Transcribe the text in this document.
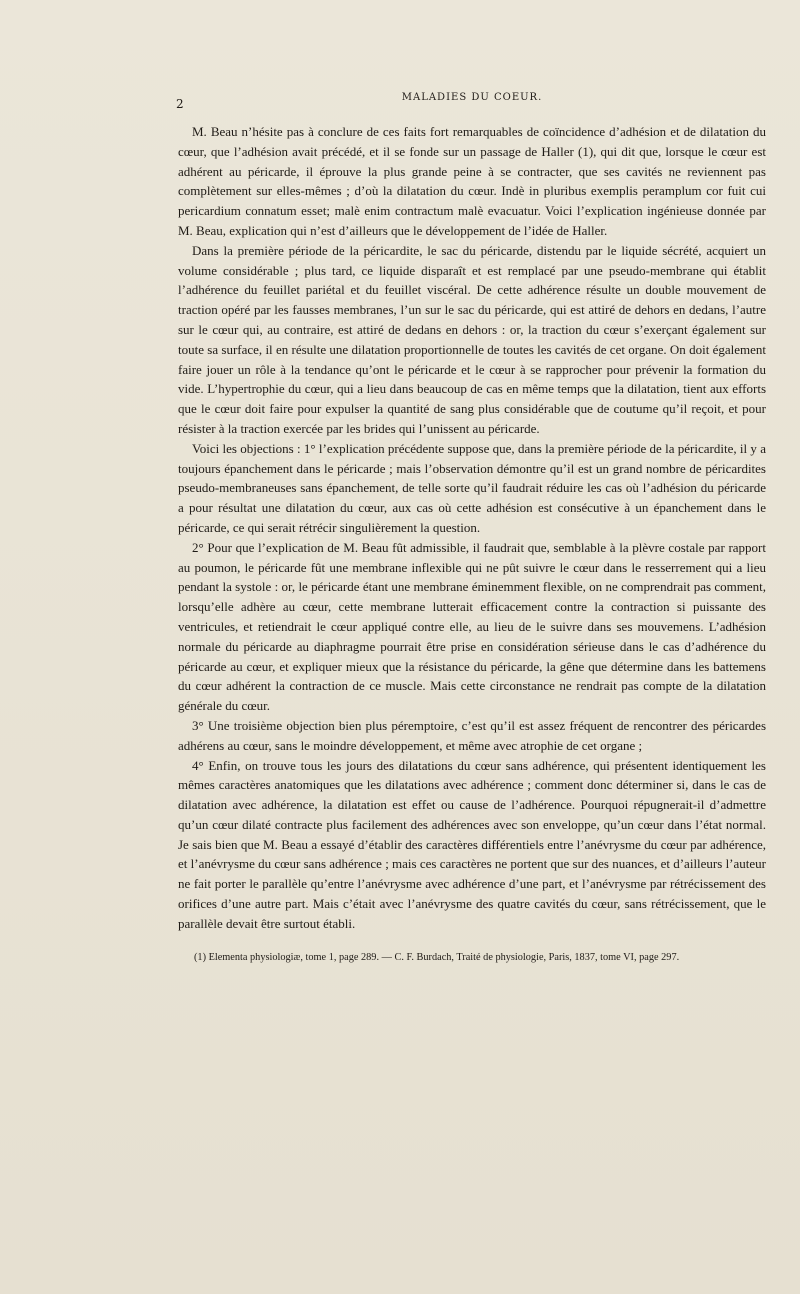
2	MALADIES DU COEUR.

M. Beau n’hésite pas à conclure de ces faits fort remarquables de coïncidence d’adhésion et de dilatation du cœur, que l’adhésion avait précédé, et il se fonde sur un passage de Haller (1), qui dit que, lorsque le cœur est adhérent au péricarde, il éprouve la plus grande peine à se contracter, que ses cavités ne reviennent pas complètement sur elles-mêmes ; d’où la dilatation du cœur. Indè in pluribus exemplis peramplum cor fuit cui pericardium connatum esset; malè enim contractum malè evacuatur. Voici l’explication ingénieuse donnée par M. Beau, explication qui n’est d’ailleurs que le développement de l’idée de Haller.

Dans la première période de la péricardite, le sac du péricarde, distendu par le liquide sécrété, acquiert un volume considérable ; plus tard, ce liquide disparaît et est remplacé par une pseudo-membrane qui établit l’adhérence du feuillet pariétal et du feuillet viscéral. De cette adhérence résulte un double mouvement de traction opéré par les fausses membranes, l’un sur le sac du péricarde, qui est attiré de dehors en dedans, l’autre sur le cœur qui, au contraire, est attiré de dedans en dehors : or, la traction du cœur s’exerçant également sur toute sa surface, il en résulte une dilatation proportionnelle de toutes les cavités de cet organe. On doit également faire jouer un rôle à la tendance qu’ont le péricarde et le cœur à se rapprocher pour prévenir la formation du vide. L’hypertrophie du cœur, qui a lieu dans beaucoup de cas en même temps que la dilatation, tient aux efforts que le cœur doit faire pour expulser la quantité de sang plus considérable que de coutume qu’il reçoit, et pour résister à la traction exercée par les brides qui l’unissent au péricarde.

Voici les objections : 1° l’explication précédente suppose que, dans la première période de la péricardite, il y a toujours épanchement dans le péricarde ; mais l’observation démontre qu’il est un grand nombre de péricardites pseudo-membraneuses sans épanchement, de telle sorte qu’il faudrait réduire les cas où l’adhésion du péricarde a pour résultat une dilatation du cœur, aux cas où cette adhésion est consécutive à un épanchement dans le péricarde, ce qui serait rétrécir singulièrement la question.

2° Pour que l’explication de M. Beau fût admissible, il faudrait que, semblable à la plèvre costale par rapport au poumon, le péricarde fût une membrane inflexible qui ne pût suivre le cœur dans le resserrement qui a lieu pendant la systole : or, le péricarde étant une membrane éminemment flexible, on ne comprendrait pas comment, lorsqu’elle adhère au cœur, cette membrane lutterait efficacement contre la contraction si puissante des ventricules, et retiendrait le cœur appliqué contre elle, au lieu de le suivre dans ses mouvemens. L’adhésion normale du péricarde au diaphragme pourrait être prise en considération sérieuse dans le cas d’adhérence du péricarde au cœur, et expliquer mieux que la résistance du péricarde, la gêne que détermine dans les battemens du cœur adhérent la contraction de ce muscle. Mais cette circonstance ne rendrait pas compte de la dilatation générale du cœur.

3° Une troisième objection bien plus péremptoire, c’est qu’il est assez fréquent de rencontrer des péricardes adhérens au cœur, sans le moindre développement, et même avec atrophie de cet organe ;

4° Enfin, on trouve tous les jours des dilatations du cœur sans adhérence, qui présentent identiquement les mêmes caractères anatomiques que les dilatations avec adhérence ; comment donc déterminer si, dans le cas de dilatation avec adhérence, la dilatation est effet ou cause de l’adhérence. Pourquoi répugnerait-il d’admettre qu’un cœur dilaté contracte plus facilement des adhérences avec son enveloppe, qu’un cœur dans l’état normal. Je sais bien que M. Beau a essayé d’établir des caractères différentiels entre l’anévrysme du cœur par adhérence, et l’anévrysme du cœur sans adhérence ; mais ces caractères ne portent que sur des nuances, et d’ailleurs l’auteur ne fait porter le parallèle qu’entre l’anévrysme avec adhérence d’une part, et l’anévrysme par rétrécissement des orifices d’une autre part. Mais c’était avec l’anévrysme des quatre cavités du cœur, sans rétrécissement, que le parallèle devait être surtout établi.

(1) Elementa physiologiæ, tome 1, page 289. — C. F. Burdach, Traité de physiologie, Paris, 1837, tome VI, page 297.
